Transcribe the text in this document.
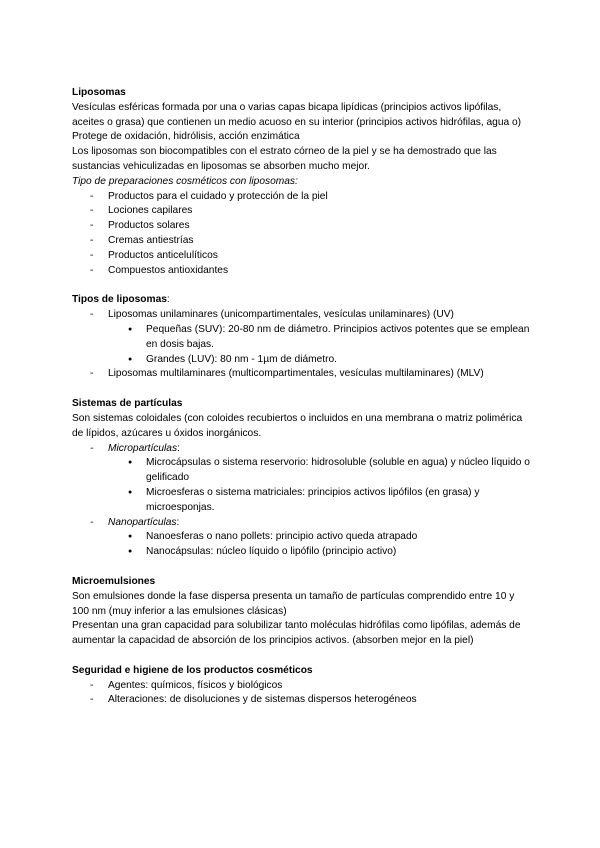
Liposomas

Vesículas esféricas formada por una o varias capas bicapa lipídicas (principios activos lipófilas, aceites o grasa) que contienen un medio acuoso en su interior (principios activos hidrófilas, agua o)

Protege de oxidación, hidrólisis, acción enzimática

Los liposomas son biocompatibles con el estrato córneo de la piel y se ha demostrado que las sustancias vehiculizadas en liposomas se absorben mucho mejor.

Tipo de preparaciones cosméticos con liposomas:

- Productos para el cuidado y protección de la piel
- Lociones capilares
- Productos solares
- Cremas antiestrías
- Productos anticelulíticos
- Compuestos antioxidantes
Tipos de liposomas:
- Liposomas unilaminares (unicompartimentales, vesículas unilaminares) (UV)
● Pequeñas (SUV): 20-80 nm de diámetro. Principios activos potentes que se emplean en dosis bajas.
● Grandes (LUV): 80 nm - 1µm de diámetro.
- Liposomas multilaminares (multicompartimentales, vesículas multilaminares) (MLV)
Sistemas de partículas

Son sistemas coloidales (con coloides recubiertos o incluidos en una membrana o matriz polimérica de lípidos, azúcares u óxidos inorgánicos.

- Micropartículas:
● Microcápsulas o sistema reservorio: hidrosoluble (soluble en agua) y núcleo líquido o gelificado
● Microesferas o sistema matriciales: principios activos lipófilos (en grasa) y microesponjas.
- Nanopartículas:
● Nanoesferas o nano pollets: principio activo queda atrapado
● Nanocápsulas: núcleo líquido o lipófilo (principio activo)
Microemulsiones

Son emulsiones donde la fase dispersa presenta un tamaño de partículas comprendido entre 10 y 100 nm (muy inferior a las emulsiones clásicas)

Presentan una gran capacidad para solubilizar tanto moléculas hidrófilas como lipófilas, además de aumentar la capacidad de absorción de los principios activos. (absorben mejor en la piel)

Seguridad e higiene de los productos cosméticos
- Agentes: químicos, físicos y biológicos
- Alteraciones: de disoluciones y de sistemas dispersos heterogéneos
